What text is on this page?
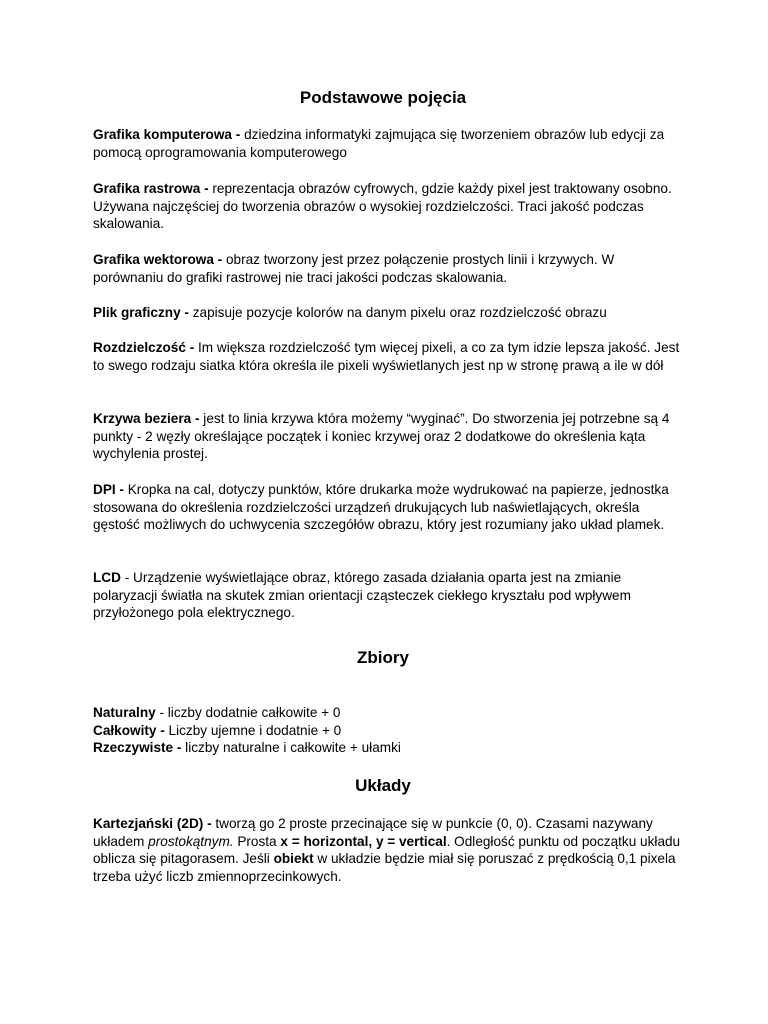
Podstawowe pojęcia

Grafika komputerowa - dziedzina informatyki zajmująca się tworzeniem obrazów lub edycji za pomocą oprogramowania komputerowego

Grafika rastrowa - reprezentacja obrazów cyfrowych, gdzie każdy pixel jest traktowany osobno. Używana najczęściej do tworzenia obrazów o wysokiej rozdzielczości. Traci jakość podczas skalowania.

Grafika wektorowa - obraz tworzony jest przez połączenie prostych linii i krzywych. W porównaniu do grafiki rastrowej nie traci jakości podczas skalowania.

Plik graficzny - zapisuje pozycje kolorów na danym pixelu oraz rozdzielczość obrazu

Rozdzielczość - Im większa rozdzielczość tym więcej pixeli, a co za tym idzie lepsza jakość. Jest to swego rodzaju siatka która określa ile pixeli wyświetlanych jest np w stronę prawą a ile w dół

Krzywa beziera - jest to linia krzywa która możemy “wyginać”. Do stworzenia jej potrzebne są 4 punkty - 2 węzły określające początek i koniec krzywej oraz 2 dodatkowe do określenia kąta wychylenia prostej.

DPI - Kropka na cal, dotyczy punktów, które drukarka może wydrukować na papierze, jednostka stosowana do określenia rozdzielczości urządzeń drukujących lub naświetlających, określa gęstość możliwych do uchwycenia szczegółów obrazu, który jest rozumiany jako układ plamek.

LCD - Urządzenie wyświetlające obraz, którego zasada działania oparta jest na zmianie polaryzacji światła na skutek zmian orientacji cząsteczek ciekłego kryształu pod wpływem przyłożonego pola elektrycznego.

Zbiory

Naturalny - liczby dodatnie całkowite + 0
Całkowity - Liczby ujemne i dodatnie + 0
Rzeczywiste - liczby naturalne i całkowite + ułamki

Układy

Kartezjański (2D) - tworzą go 2 proste przecinające się w punkcie (0, 0). Czasami nazywany układem prostokątnym. Prosta x = horizontal, y = vertical. Odległość punktu od początku układu oblicza się pitagorasem. Jeśli obiekt w układzie będzie miał się poruszać z prędkością 0,1 pixela trzeba użyć liczb zmiennoprzecinkowych.
